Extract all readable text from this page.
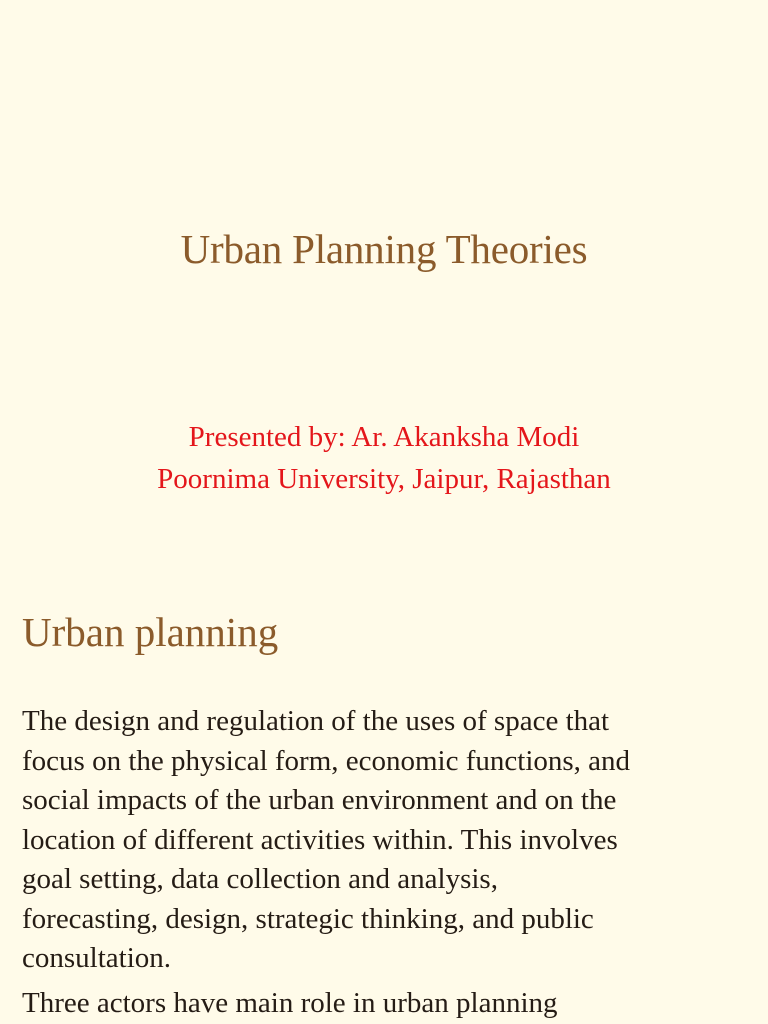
Urban Planning Theories
Presented by: Ar. Akanksha Modi
Poornima University, Jaipur, Rajasthan
Urban planning

The design and regulation of the uses of space that
focus on the physical form, economic functions, and
social impacts of the urban environment and on the
location of different activities within. This involves
goal setting, data collection and analysis,
forecasting, design, strategic thinking, and public
consultation.

Three actors have main role in urban planning
